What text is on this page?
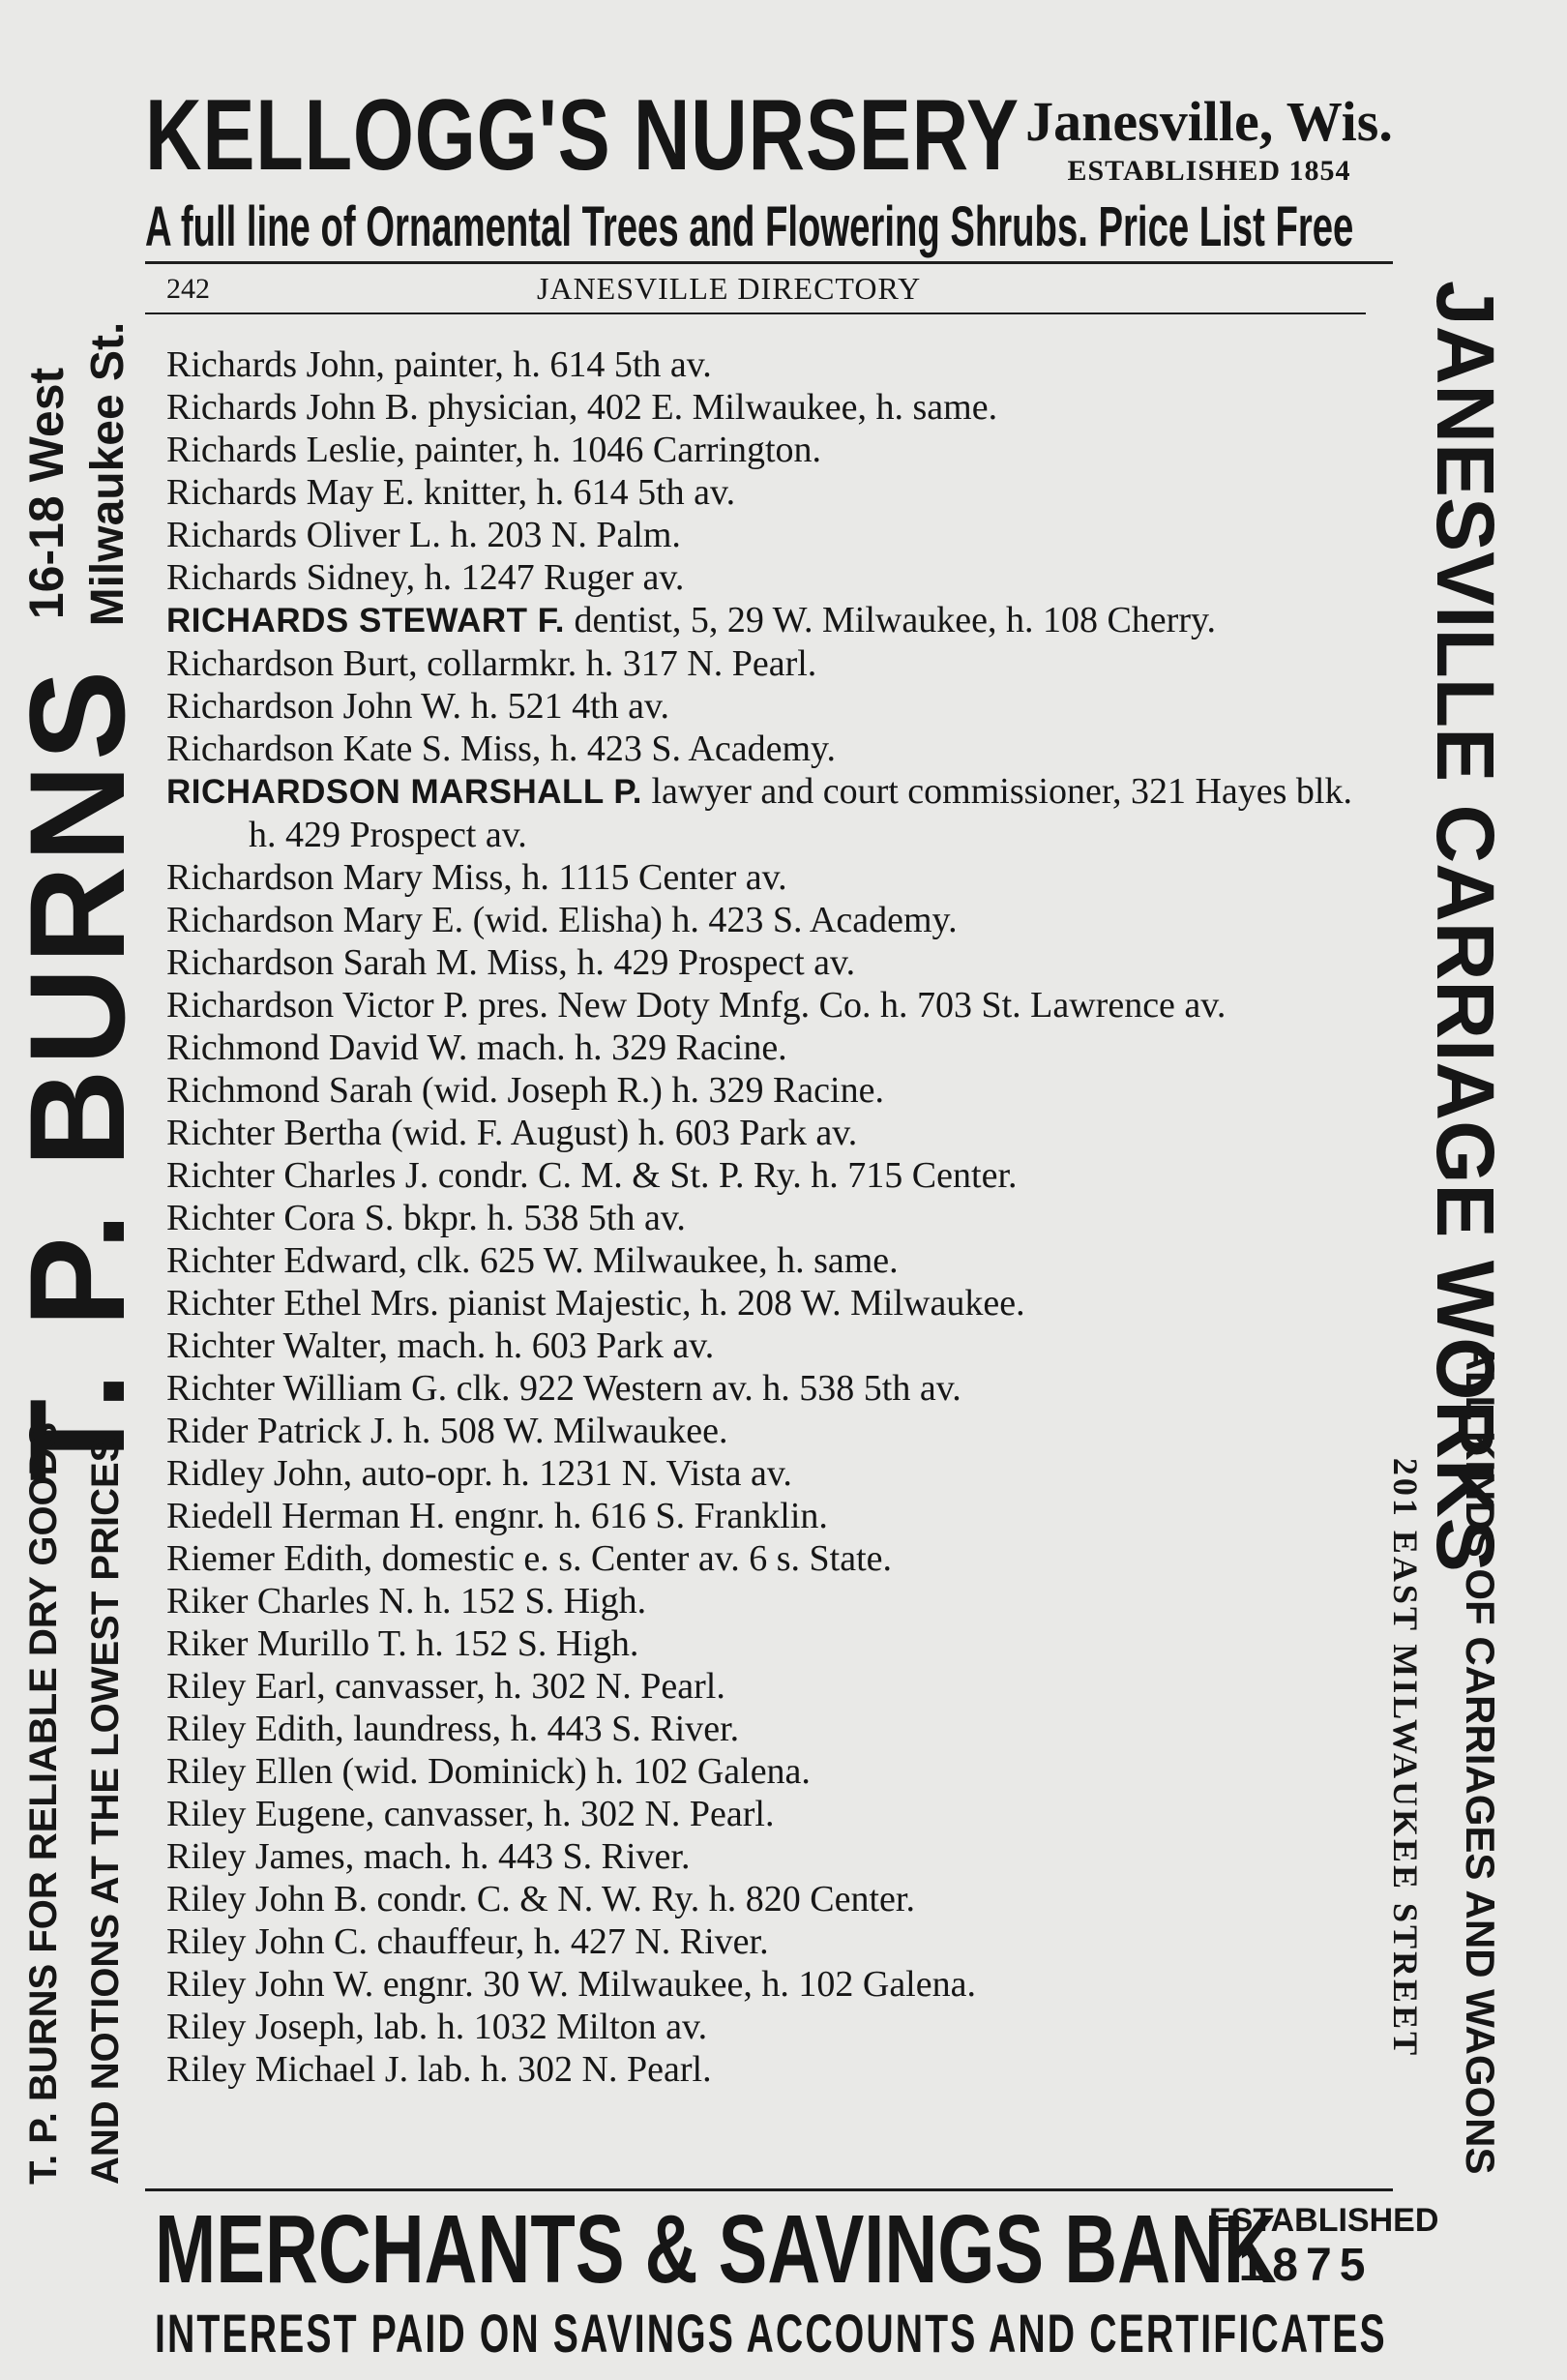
KELLOGG'S NURSERY Janesville, Wis.
ESTABLISHED 1854
A full line of Ornamental Trees and Flowering Shrubs. Price List Free
242	JANESVILLE DIRECTORY
Richards John, painter, h. 614 5th av.
Richards John B. physician, 402 E. Milwaukee, h. same.
Richards Leslie, painter, h. 1046 Carrington.
Richards May E. knitter, h. 614 5th av.
Richards Oliver L. h. 203 N. Palm.
Richards Sidney, h. 1247 Ruger av.
RICHARDS STEWART F. dentist, 5, 29 W. Milwaukee, h. 108 Cherry.
Richardson Burt, collarmkr. h. 317 N. Pearl.
Richardson John W. h. 521 4th av.
Richardson Kate S. Miss, h. 423 S. Academy.
RICHARDSON MARSHALL P. lawyer and court commissioner, 321 Hayes blk. h. 429 Prospect av.
Richardson Mary Miss, h. 1115 Center av.
Richardson Mary E. (wid. Elisha) h. 423 S. Academy.
Richardson Sarah M. Miss, h. 429 Prospect av.
Richardson Victor P. pres. New Doty Mnfg. Co. h. 703 St. Lawrence av.
Richmond David W. mach. h. 329 Racine.
Richmond Sarah (wid. Joseph R.) h. 329 Racine.
Richter Bertha (wid. F. August) h. 603 Park av.
Richter Charles J. condr. C. M. & St. P. Ry. h. 715 Center.
Richter Cora S. bkpr. h. 538 5th av.
Richter Edward, clk. 625 W. Milwaukee, h. same.
Richter Ethel Mrs. pianist Majestic, h. 208 W. Milwaukee.
Richter Walter, mach. h. 603 Park av.
Richter William G. clk. 922 Western av. h. 538 5th av.
Rider Patrick J. h. 508 W. Milwaukee.
Ridley John, auto-opr. h. 1231 N. Vista av.
Riedell Herman H. engnr. h. 616 S. Franklin.
Riemer Edith, domestic e. s. Center av. 6 s. State.
Riker Charles N. h. 152 S. High.
Riker Murillo T. h. 152 S. High.
Riley Earl, canvasser, h. 302 N. Pearl.
Riley Edith, laundress, h. 443 S. River.
Riley Ellen (wid. Dominick) h. 102 Galena.
Riley Eugene, canvasser, h. 302 N. Pearl.
Riley James, mach. h. 443 S. River.
Riley John B. condr. C. & N. W. Ry. h. 820 Center.
Riley John C. chauffeur, h. 427 N. River.
Riley John W. engnr. 30 W. Milwaukee, h. 102 Galena.
Riley Joseph, lab. h. 1032 Milton av.
Riley Michael J. lab. h. 302 N. Pearl.
T. P. BURNS
16-18 West Milwaukee St.
T. P. BURNS FOR RELIABLE DRY GOODS AND NOTIONS AT THE LOWEST PRICES
JANESVILLE CARRIAGE WORKS
201 EAST MILWAUKEE STREET ALL KINDS OF CARRIAGES AND WAGONS
MERCHANTS & SAVINGS BANK
ESTABLISHED
1875
INTEREST PAID ON SAVINGS ACCOUNTS AND CERTIFICATES
